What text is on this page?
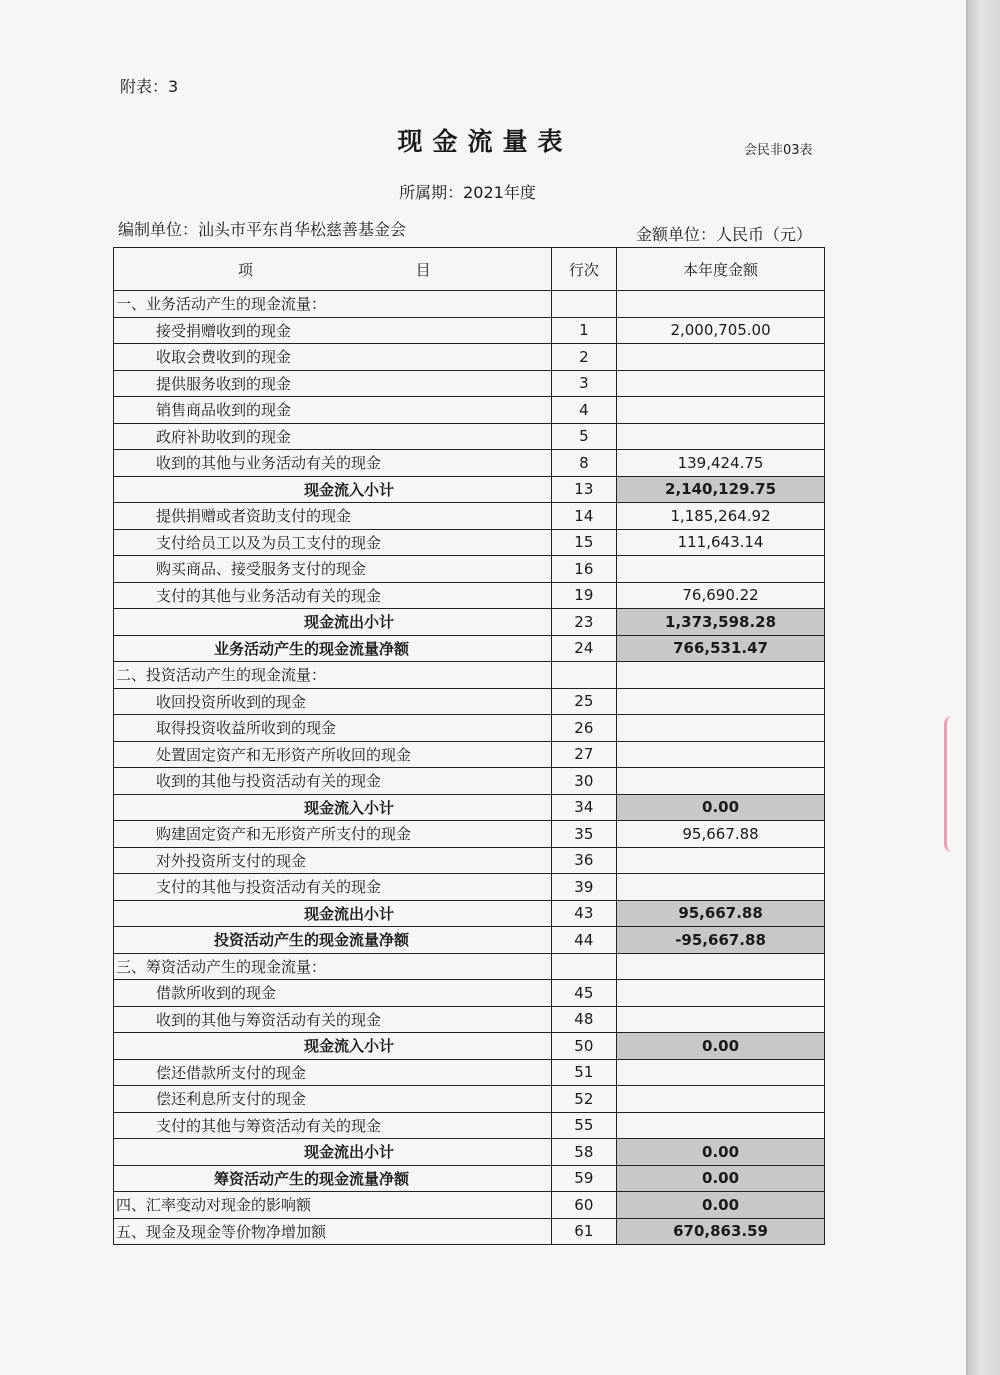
附表：3
现金流量表	会民非03表
所属期：2021年度
编制单位：汕头市平东肖华松慈善基金会	金额单位：人民币（元）
项 目	行次	本年度金额
一、业务活动产生的现金流量：		
接受捐赠收到的现金	1	2,000,705.00
收取会费收到的现金	2	
提供服务收到的现金	3	
销售商品收到的现金	4	
政府补助收到的现金	5	
收到的其他与业务活动有关的现金	8	139,424.75
现金流入小计	13	2,140,129.75
提供捐赠或者资助支付的现金	14	1,185,264.92
支付给员工以及为员工支付的现金	15	111,643.14
购买商品、接受服务支付的现金	16	
支付的其他与业务活动有关的现金	19	76,690.22
现金流出小计	23	1,373,598.28
业务活动产生的现金流量净额	24	766,531.47
二、投资活动产生的现金流量：		
收回投资所收到的现金	25	
取得投资收益所收到的现金	26	
处置固定资产和无形资产所收回的现金	27	
收到的其他与投资活动有关的现金	30	
现金流入小计	34	0.00
购建固定资产和无形资产所支付的现金	35	95,667.88
对外投资所支付的现金	36	
支付的其他与投资活动有关的现金	39	
现金流出小计	43	95,667.88
投资活动产生的现金流量净额	44	-95,667.88
三、筹资活动产生的现金流量：		
借款所收到的现金	45	
收到的其他与筹资活动有关的现金	48	
现金流入小计	50	0.00
偿还借款所支付的现金	51	
偿还利息所支付的现金	52	
支付的其他与筹资活动有关的现金	55	
现金流出小计	58	0.00
筹资活动产生的现金流量净额	59	0.00
四、汇率变动对现金的影响额	60	0.00
五、现金及现金等价物净增加额	61	670,863.59
